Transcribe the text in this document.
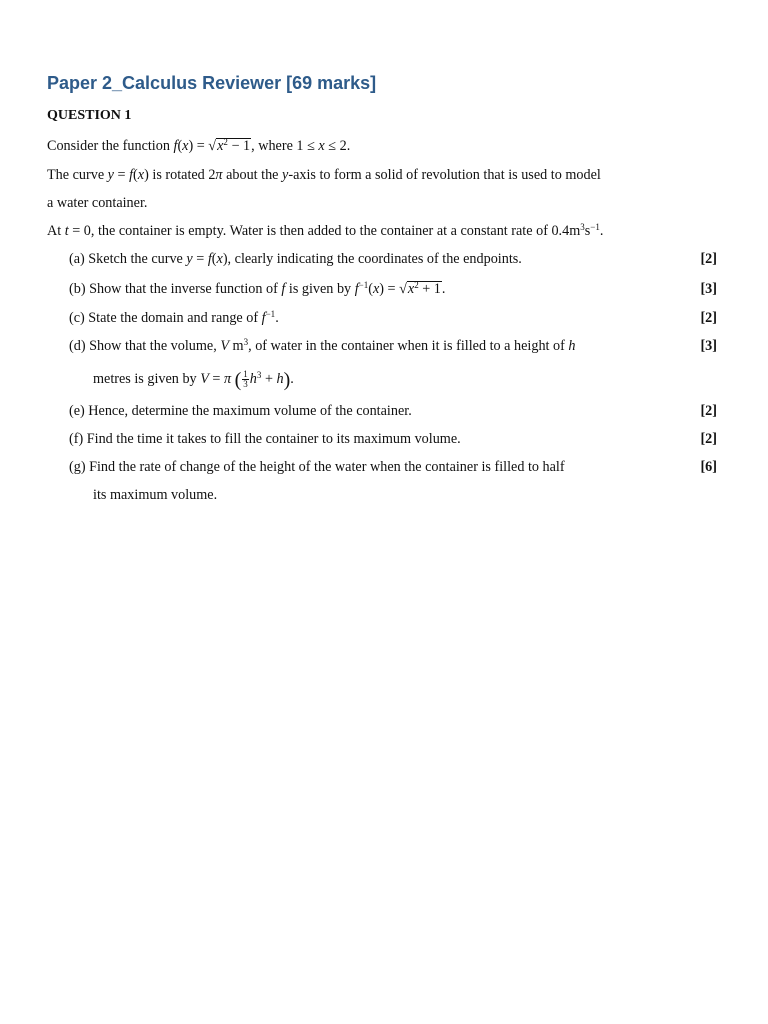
Paper 2_Calculus Reviewer [69 marks]
QUESTION 1
Consider the function $f(x) = √x^2 - 1$, where 1 ≤ x ≤ 2.
The curve y = f(x) is rotated 2π about the y-axis to form a solid of revolution that is used to model
a water container.
At t = 0, the container is empty. Water is then added to the container at a constant rate of $0.4m^3s^{-1}$.
(a) Sketch the curve y = f(x), clearly indicating the coordinates of the endpoints.	[2]
(b) Show that the inverse function of f is given by $f^{-1}(x) = √x^2 + 1$.	[3]
(c) State the domain and range of $f^{-1}$.	[2]
(d) Show that the volume, V $m^3$, of water in the container when it is filled to a height of h	[3]
metres is given by V = π ( $\frac{1}{3} h^3 + h$).
(e) Hence, determine the maximum volume of the container.	[2]
(f) Find the time it takes to fill the container to its maximum volume.	[2]
(g) Find the rate of change of the height of the water when the container is filled to half	[6]
its maximum volume.
